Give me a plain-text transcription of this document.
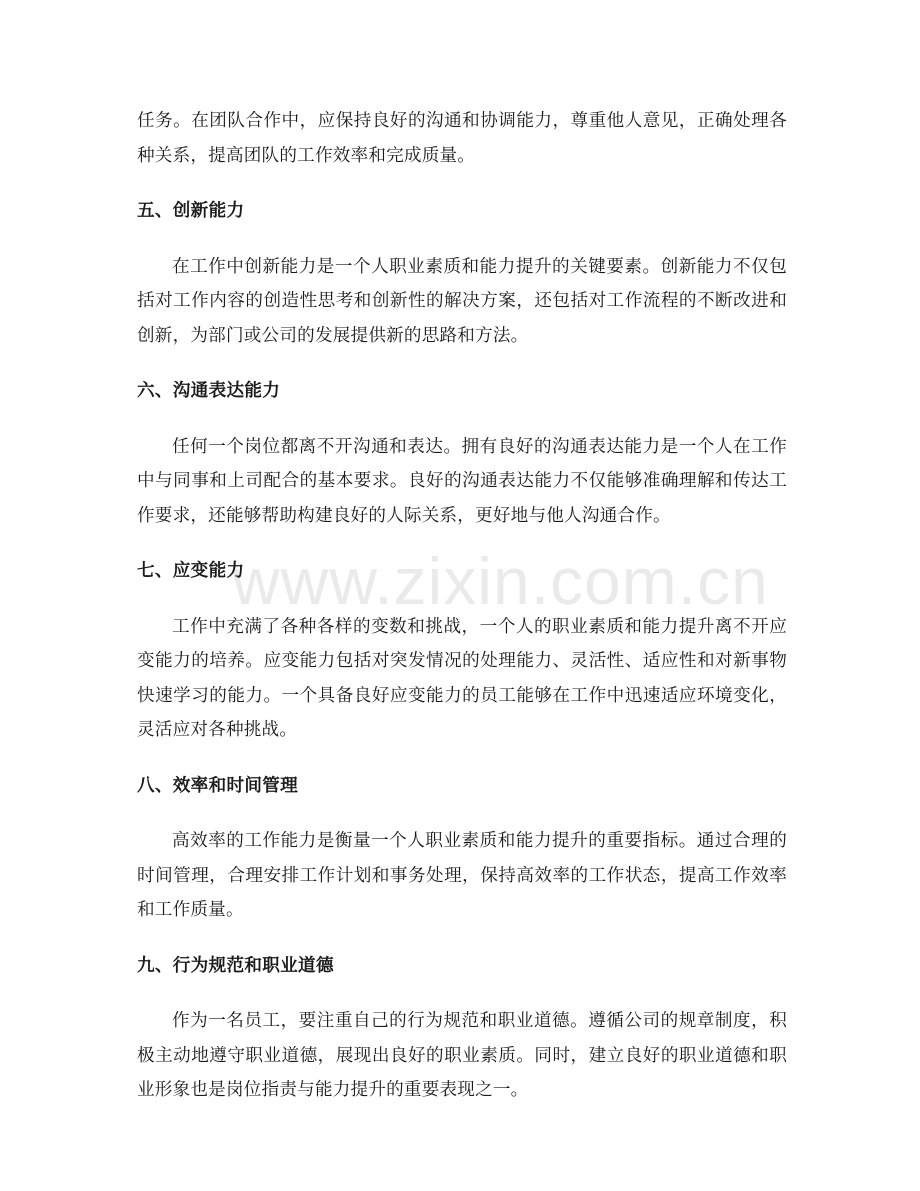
任务。在团队合作中，应保持良好的沟通和协调能力，尊重他人意见，正确处理各种关系，提高团队的工作效率和完成质量。

五、创新能力

在工作中创新能力是一个人职业素质和能力提升的关键要素。创新能力不仅包括对工作内容的创造性思考和创新性的解决方案，还包括对工作流程的不断改进和创新，为部门或公司的发展提供新的思路和方法。

六、沟通表达能力

任何一个岗位都离不开沟通和表达。拥有良好的沟通表达能力是一个人在工作中与同事和上司配合的基本要求。良好的沟通表达能力不仅能够准确理解和传达工作要求，还能够帮助构建良好的人际关系，更好地与他人沟通合作。

七、应变能力

工作中充满了各种各样的变数和挑战，一个人的职业素质和能力提升离不开应变能力的培养。应变能力包括对突发情况的处理能力、灵活性、适应性和对新事物快速学习的能力。一个具备良好应变能力的员工能够在工作中迅速适应环境变化，灵活应对各种挑战。

八、效率和时间管理

高效率的工作能力是衡量一个人职业素质和能力提升的重要指标。通过合理的时间管理，合理安排工作计划和事务处理，保持高效率的工作状态，提高工作效率和工作质量。

九、行为规范和职业道德

作为一名员工，要注重自己的行为规范和职业道德。遵循公司的规章制度，积极主动地遵守职业道德，展现出良好的职业素质。同时，建立良好的职业道德和职业形象也是岗位指责与能力提升的重要表现之一。

www.zixin.com.cn
